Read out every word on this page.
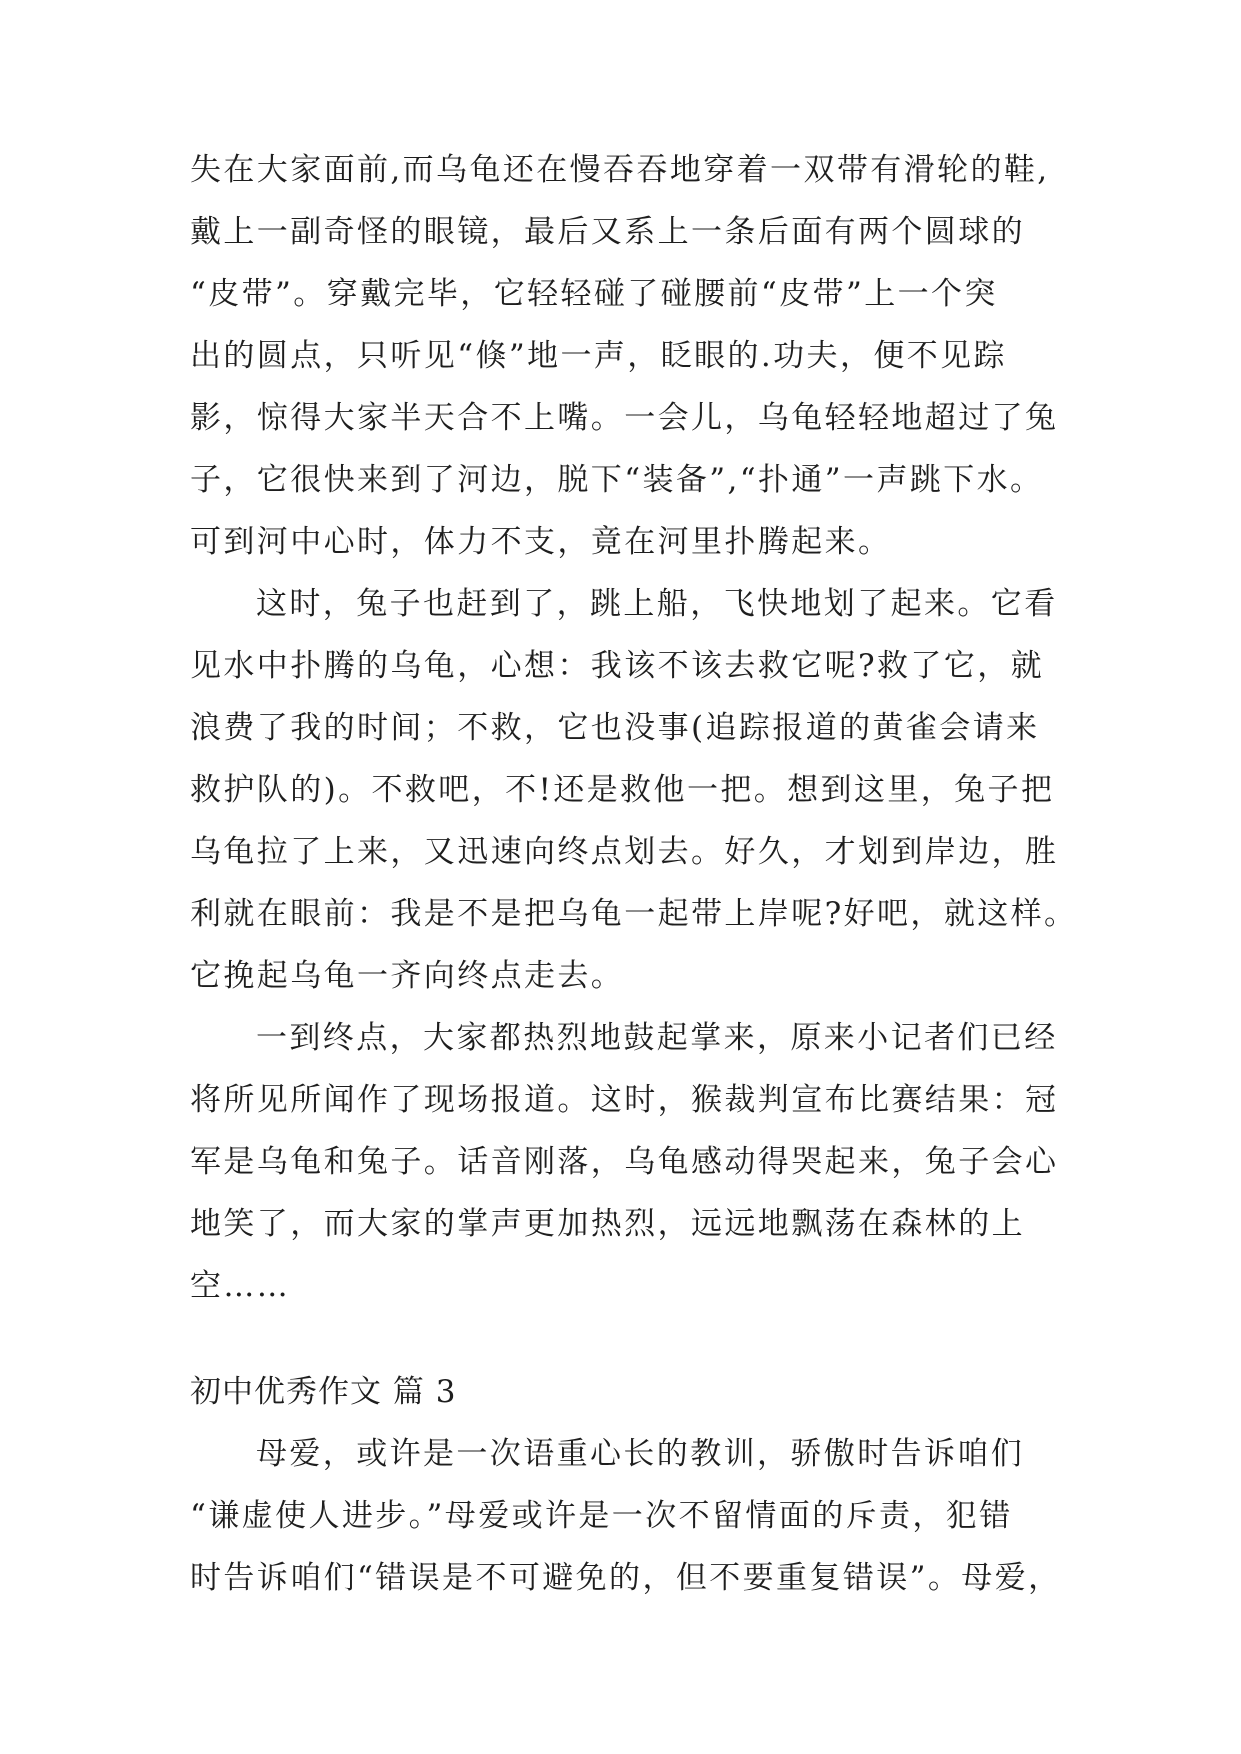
失在大家面前,而乌龟还在慢吞吞地穿着一双带有滑轮的鞋,
戴上一副奇怪的眼镜，最后又系上一条后面有两个圆球的
“皮带”。穿戴完毕，它轻轻碰了碰腰前“皮带”上一个突
出的圆点，只听见“倏”地一声，眨眼的.功夫，便不见踪
影，惊得大家半天合不上嘴。一会儿，乌龟轻轻地超过了兔
子，它很快来到了河边，脱下“装备”,“扑通”一声跳下水。
可到河中心时，体力不支，竟在河里扑腾起来。
这时，兔子也赶到了，跳上船，飞快地划了起来。它看
见水中扑腾的乌龟，心想：我该不该去救它呢?救了它，就
浪费了我的时间；不救，它也没事(追踪报道的黄雀会请来
救护队的)。不救吧，不!还是救他一把。想到这里，兔子把
乌龟拉了上来，又迅速向终点划去。好久，才划到岸边，胜
利就在眼前：我是不是把乌龟一起带上岸呢?好吧，就这样。
它挽起乌龟一齐向终点走去。
一到终点，大家都热烈地鼓起掌来，原来小记者们已经
将所见所闻作了现场报道。这时，猴裁判宣布比赛结果：冠
军是乌龟和兔子。话音刚落，乌龟感动得哭起来，兔子会心
地笑了，而大家的掌声更加热烈，远远地飘荡在森林的上
空……
初中优秀作文 篇 3
母爱，或许是一次语重心长的教训，骄傲时告诉咱们
“谦虚使人进步。”母爱或许是一次不留情面的斥责，犯错
时告诉咱们“错误是不可避免的，但不要重复错误”。母爱，
